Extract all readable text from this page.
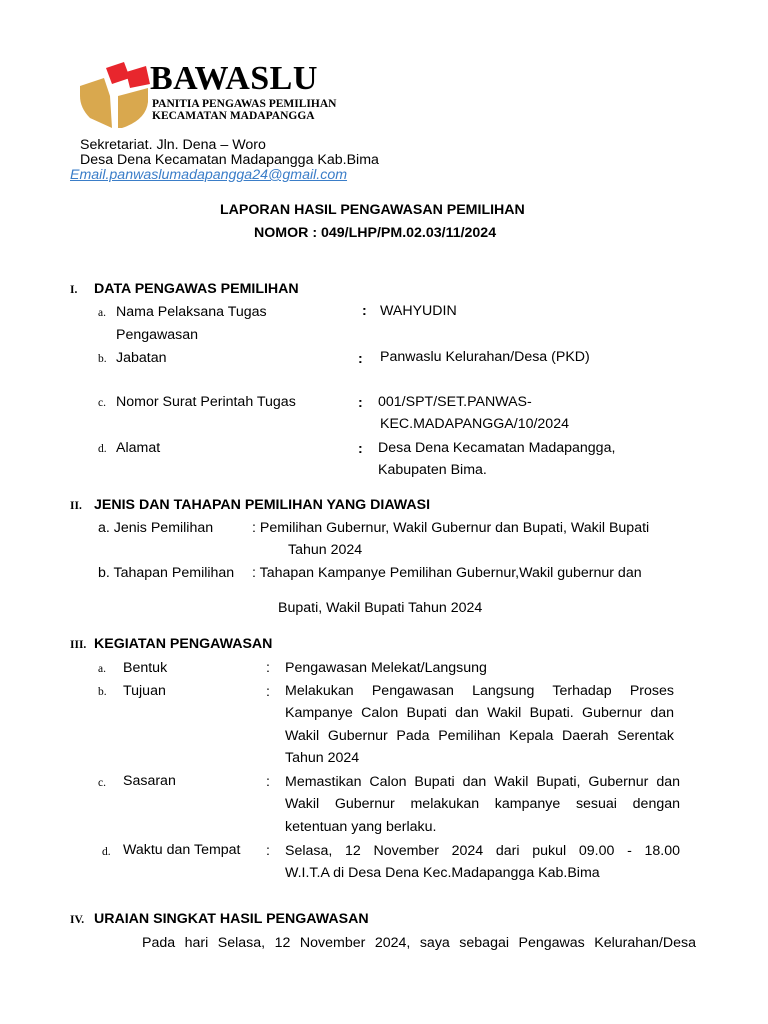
BAWASLU
PANITIA PENGAWAS PEMILIHAN
KECAMATAN MADAPANGGA
Sekretariat. Jln. Dena – Woro
Desa Dena Kecamatan Madapangga Kab.Bima
Email.panwaslumadapangga24@gmail.com
LAPORAN HASIL PENGAWASAN PEMILIHAN
NOMOR : 049/LHP/PM.02.03/11/2024
I. DATA PENGAWAS PEMILIHAN
a. Nama Pelaksana Tugas
Pengawasan
: WAHYUDIN
b. Jabatan	: Panwaslu Kelurahan/Desa (PKD)
c. Nomor Surat Perintah Tugas	: 001/SPT/SET.PANWAS-
KEC.MADAPANGGA/10/2024
d. Alamat	: Desa Dena Kecamatan Madapangga,
Kabupaten Bima.
II. JENIS DAN TAHAPAN PEMILIHAN YANG DIAWASI
a. Jenis Pemilihan	: Pemilihan Gubernur, Wakil Gubernur dan Bupati, Wakil Bupati
Tahun 2024
b. Tahapan Pemilihan : Tahapan Kampanye Pemilihan Gubernur,Wakil gubernur dan
Bupati, Wakil Bupati Tahun 2024
III. KEGIATAN PENGAWASAN
a. Bentuk	: Pengawasan Melekat/Langsung
b. Tujuan	: Melakukan Pengawasan Langsung Terhadap Proses
Kampanye Calon Bupati dan Wakil Bupati. Gubernur dan
Wakil Gubernur Pada Pemilihan Kepala Daerah Serentak
Tahun 2024
c. Sasaran	: Memastikan Calon Bupati dan Wakil Bupati, Gubernur dan
Wakil Gubernur melakukan kampanye sesuai dengan
ketentuan yang berlaku.
d. Waktu dan Tempat : Selasa, 12 November 2024 dari pukul 09.00 - 18.00
W.I.T.A di Desa Dena Kec.Madapangga Kab.Bima
IV. URAIAN SINGKAT HASIL PENGAWASAN
Pada hari Selasa, 12 November 2024, saya sebagai Pengawas Kelurahan/Desa
